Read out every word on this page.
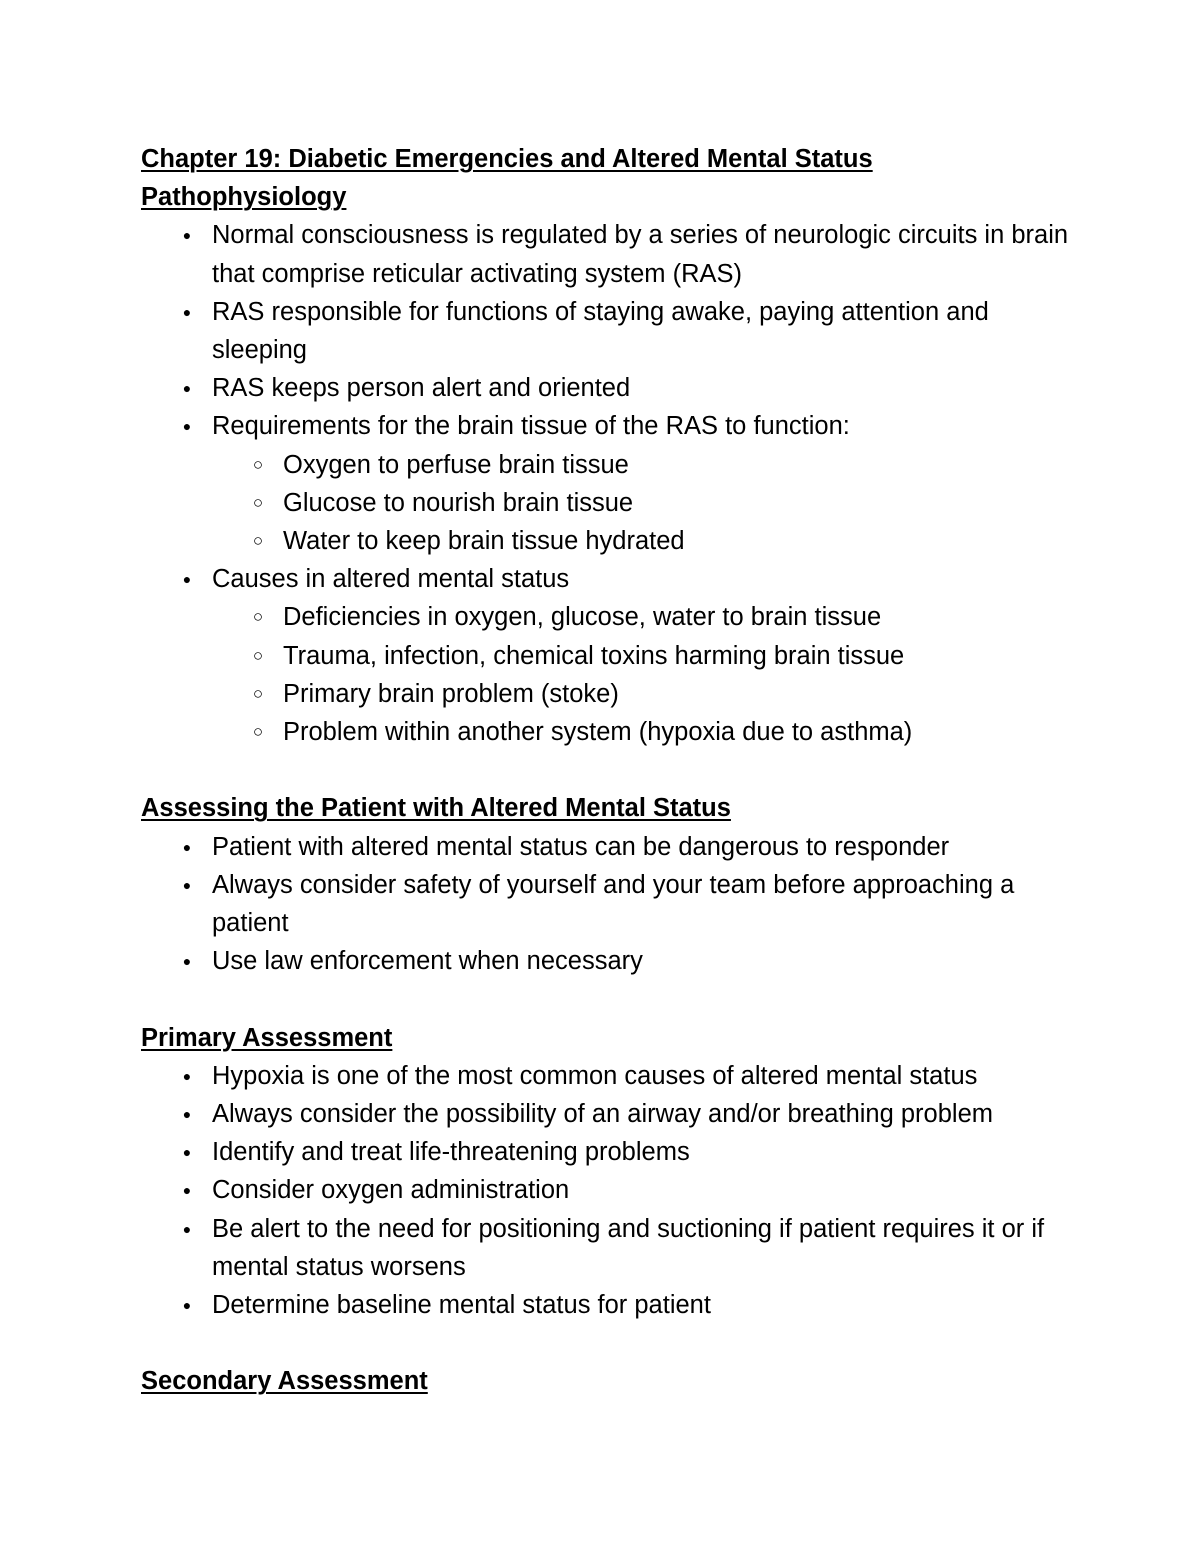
Chapter 19: Diabetic Emergencies and Altered Mental Status
Pathophysiology
● Normal consciousness is regulated by a series of neurologic circuits in brain that comprise reticular activating system (RAS)
● RAS responsible for functions of staying awake, paying attention and sleeping
● RAS keeps person alert and oriented
● Requirements for the brain tissue of the RAS to function:
○ Oxygen to perfuse brain tissue
○ Glucose to nourish brain tissue
○ Water to keep brain tissue hydrated
● Causes in altered mental status
○ Deficiencies in oxygen, glucose, water to brain tissue
○ Trauma, infection, chemical toxins harming brain tissue
○ Primary brain problem (stoke)
○ Problem within another system (hypoxia due to asthma)
Assessing the Patient with Altered Mental Status
● Patient with altered mental status can be dangerous to responder
● Always consider safety of yourself and your team before approaching a patient
● Use law enforcement when necessary
Primary Assessment
● Hypoxia is one of the most common causes of altered mental status
● Always consider the possibility of an airway and/or breathing problem
● Identify and treat life-threatening problems
● Consider oxygen administration
● Be alert to the need for positioning and suctioning if patient requires it or if mental status worsens
● Determine baseline mental status for patient
Secondary Assessment
